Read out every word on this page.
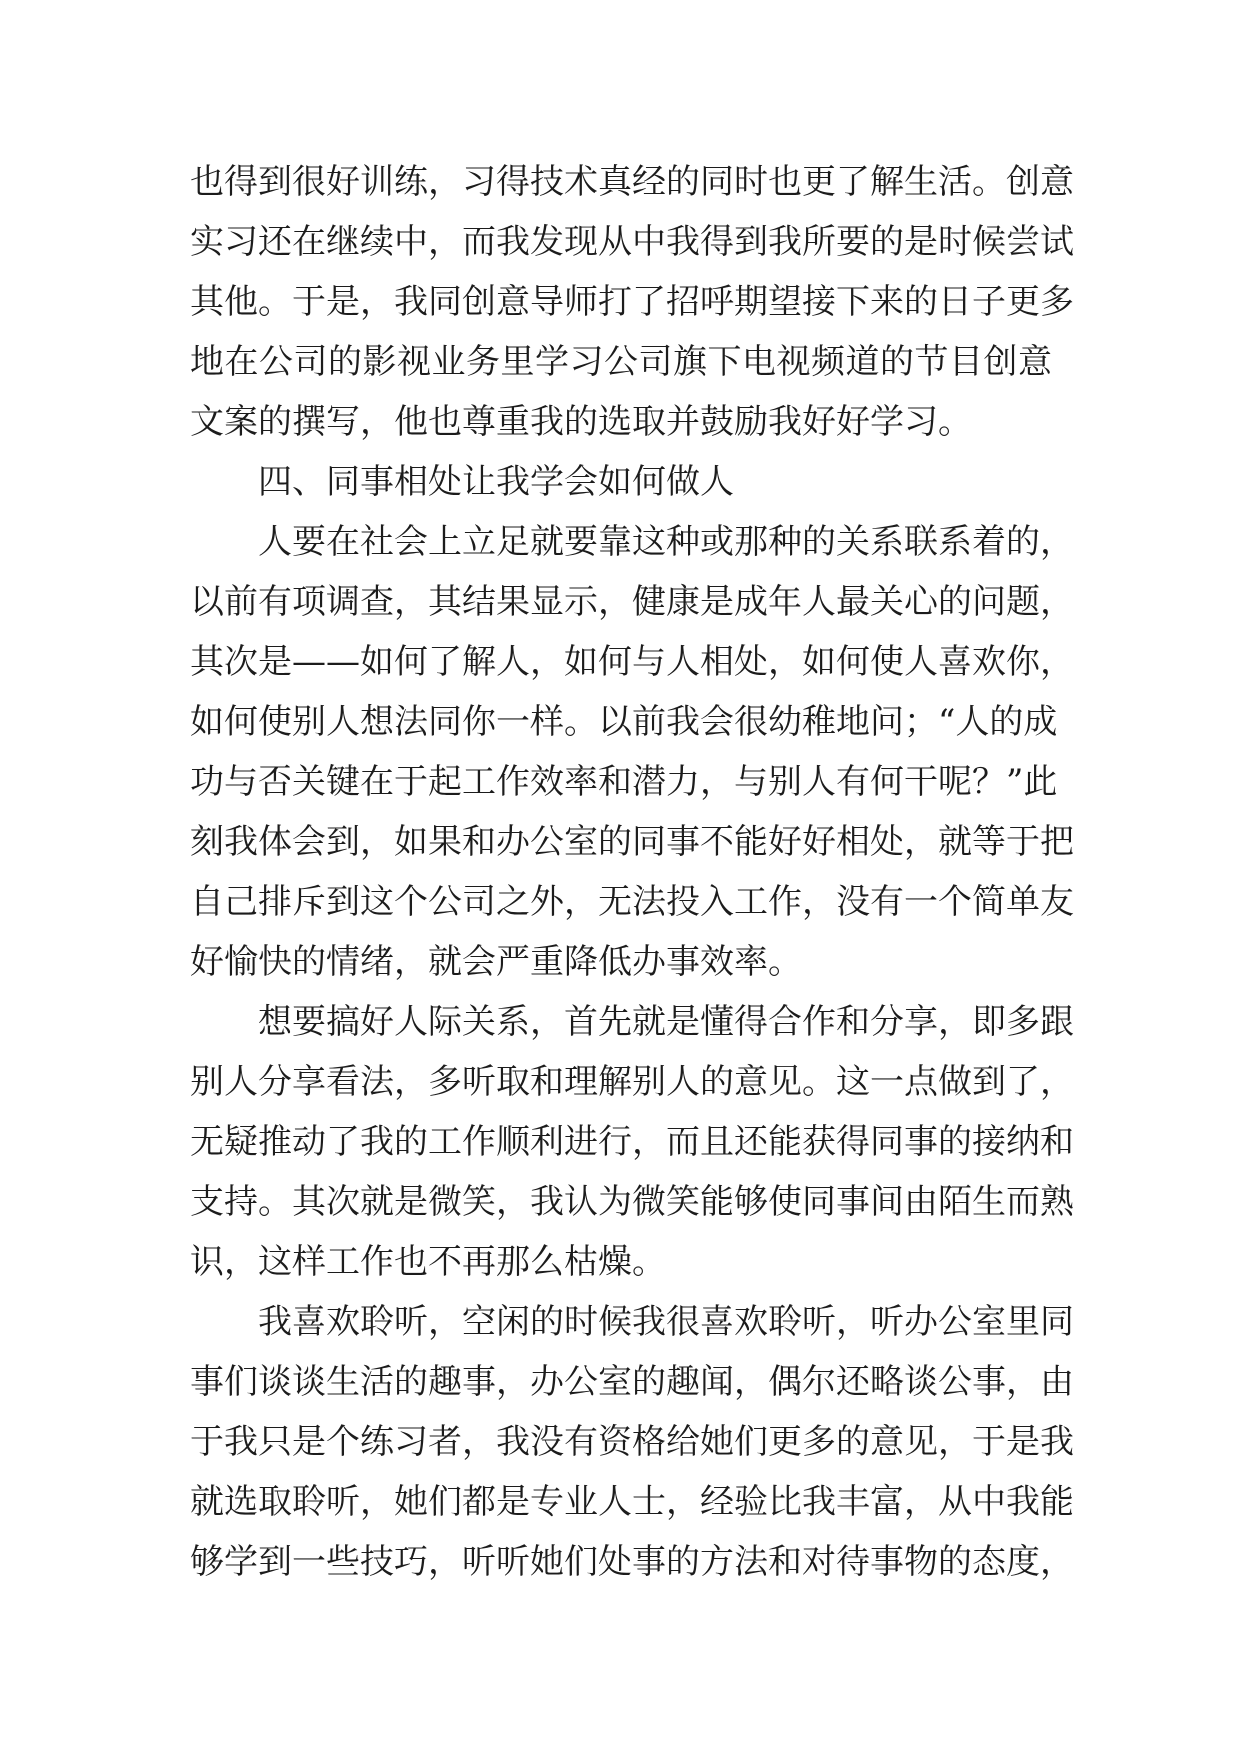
也得到很好训练，习得技术真经的同时也更了解生活。创意
实习还在继续中，而我发现从中我得到我所要的是时候尝试
其他。于是，我同创意导师打了招呼期望接下来的日子更多
地在公司的影视业务里学习公司旗下电视频道的节目创意
文案的撰写，他也尊重我的选取并鼓励我好好学习。
四、同事相处让我学会如何做人
人要在社会上立足就要靠这种或那种的关系联系着的，
以前有项调查，其结果显示，健康是成年人最关心的问题，
其次是——如何了解人，如何与人相处，如何使人喜欢你，
如何使别人想法同你一样。以前我会很幼稚地问；“人的成
功与否关键在于起工作效率和潜力，与别人有何干呢？”此
刻我体会到，如果和办公室的同事不能好好相处，就等于把
自己排斥到这个公司之外，无法投入工作，没有一个简单友
好愉快的情绪，就会严重降低办事效率。
想要搞好人际关系，首先就是懂得合作和分享，即多跟
别人分享看法，多听取和理解别人的意见。这一点做到了，
无疑推动了我的工作顺利进行，而且还能获得同事的接纳和
支持。其次就是微笑，我认为微笑能够使同事间由陌生而熟
识，这样工作也不再那么枯燥。
我喜欢聆听，空闲的时候我很喜欢聆听，听办公室里同
事们谈谈生活的趣事，办公室的趣闻，偶尔还略谈公事，由
于我只是个练习者，我没有资格给她们更多的意见，于是我
就选取聆听，她们都是专业人士，经验比我丰富，从中我能
够学到一些技巧，听听她们处事的方法和对待事物的态度，
